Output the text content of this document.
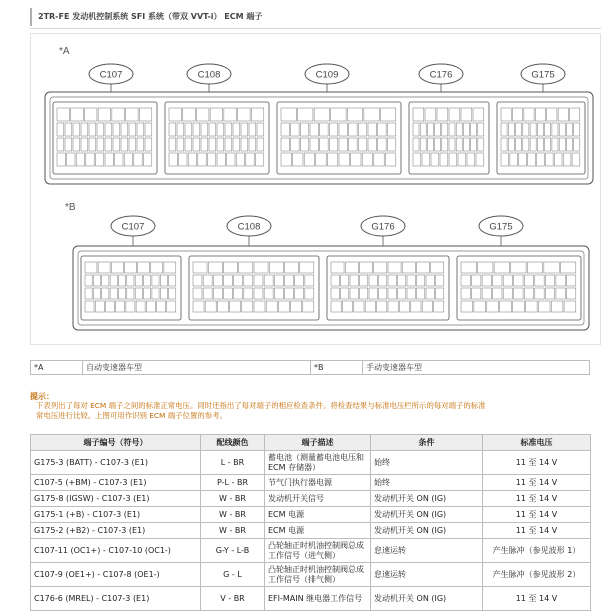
2TR-FE 发动机控制系统 SFI 系统（带双 VVT-i） ECM 端子
*A
C107	C108	C109	C176	G175
*B
C107	C108	G176	G175
*A	自动变速器车型	*B	手动变速器车型
提示：
下表列出了每对 ECM 端子之间的标准正常电压。同时还指出了每对端子的相应检查条件。将检查结果与标准电压栏所示的每对端子的标准
常电压进行比较。上图可用作识别 ECM 端子位置的参考。
端子编号（符号）	配线颜色	端子描述	条件	标准电压
G175-3 (BATT) - C107-3 (E1)	L - BR	蓄电池（测量蓄电池电压和 ECM 存储器）	始终	11 至 14 V
C107-5 (+BM) - C107-3 (E1)	P-L - BR	节气门执行器电源	始终	11 至 14 V
G175-8 (IGSW) - C107-3 (E1)	W - BR	发动机开关信号	发动机开关 ON (IG)	11 至 14 V
G175-1 (+B) - C107-3 (E1)	W - BR	ECM 电源	发动机开关 ON (IG)	11 至 14 V
G175-2 (+B2) - C107-3 (E1)	W - BR	ECM 电源	发动机开关 ON (IG)	11 至 14 V
C107-11 (OC1+) - C107-10 (OC1-)	G-Y - L-B	凸轮轴正时机油控制阀总成工作信号（进气侧）	怠速运转	产生脉冲（参见波形 1）
C107-9 (OE1+) - C107-8 (OE1-)	G - L	凸轮轴正时机油控制阀总成工作信号（排气侧）	怠速运转	产生脉冲（参见波形 2）
C176-6 (MREL) - C107-3 (E1)	V - BR	EFI-MAIN 继电器工作信号	发动机开关 ON (IG)	11 至 14 V
